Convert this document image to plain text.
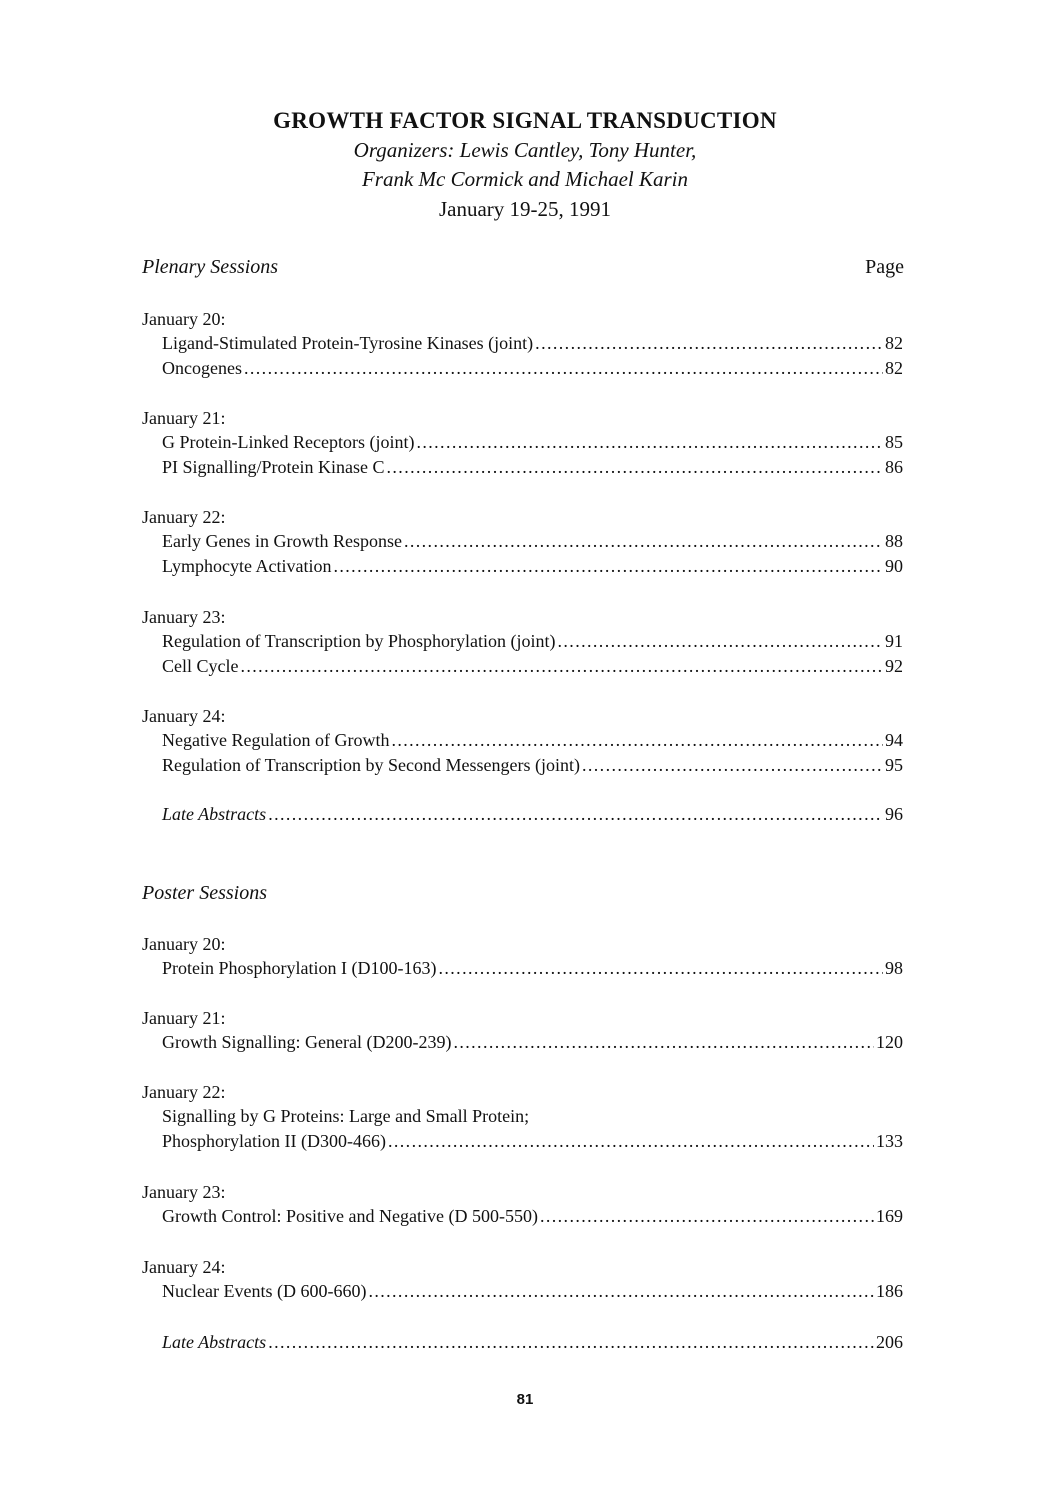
GROWTH FACTOR SIGNAL TRANSDUCTION
Organizers: Lewis Cantley, Tony Hunter,
Frank Mc Cormick and Michael Karin
January 19-25, 1991
Plenary Sessions	Page
January 20:
Ligand-Stimulated Protein-Tyrosine Kinases (joint) .....	82
Oncogenes .....	82
January 21:
G Protein-Linked Receptors (joint) .....	85
PI Signalling/Protein Kinase C .....	86
January 22:
Early Genes in Growth Response .....	88
Lymphocyte Activation .....	90
January 23:
Regulation of Transcription by Phosphorylation (joint) .....	91
Cell Cycle .....	92
January 24:
Negative Regulation of Growth .....	94
Regulation of Transcription by Second Messengers (joint) .....	95
Late Abstracts .....	96
Poster Sessions
January 20:
Protein Phosphorylation I (D100-163) .....	98
January 21:
Growth Signalling: General (D200-239) .....	120
January 22:
Signalling by G Proteins: Large and Small Protein;
Phosphorylation II (D300-466) .....	133
January 23:
Growth Control: Positive and Negative (D 500-550) .....	169
January 24:
Nuclear Events (D 600-660) .....	186
Late Abstracts .....	206
81
